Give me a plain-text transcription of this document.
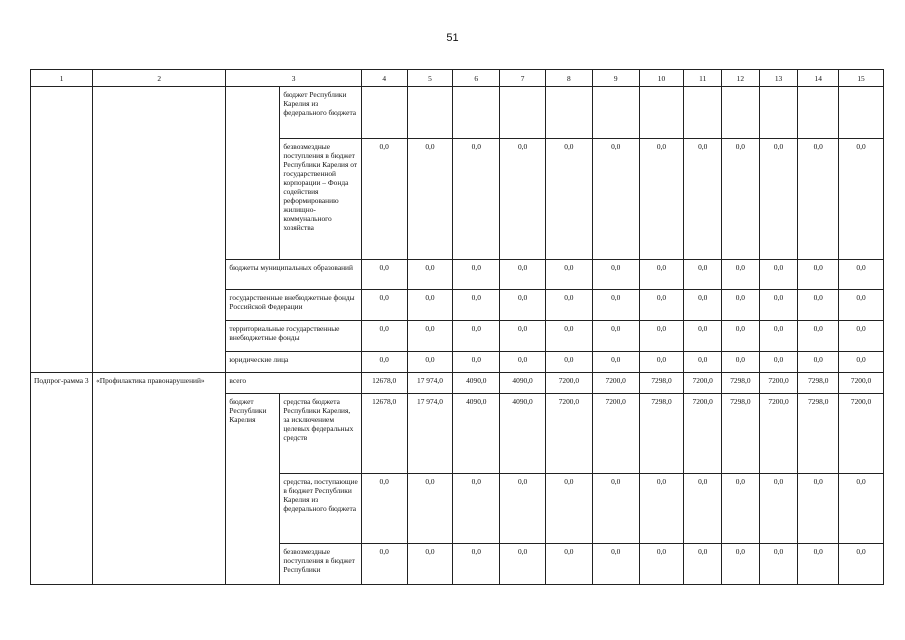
51
1	2	3		4	5	6	7	8	9	10	11	12	13	14	15
			бюджет Республики Карелия из федерального бюджета												
			безвозмездные поступления в бюджет Республики Карелия от государственной корпорации – Фонда содействия реформированию жилищно-коммунального хозяйства	0,0	0,0	0,0	0,0	0,0	0,0	0,0	0,0	0,0	0,0	0,0	0,0
		бюджеты муниципальных образований		0,0	0,0	0,0	0,0	0,0	0,0	0,0	0,0	0,0	0,0	0,0	0,0
		государственные внебюджетные фонды Российской Федерации		0,0	0,0	0,0	0,0	0,0	0,0	0,0	0,0	0,0	0,0	0,0	0,0
		территориальные государственные внебюджетные фонды		0,0	0,0	0,0	0,0	0,0	0,0	0,0	0,0	0,0	0,0	0,0	0,0
		юридические лица		0,0	0,0	0,0	0,0	0,0	0,0	0,0	0,0	0,0	0,0	0,0	0,0
Подпрог-рамма 3	«Профилактика правонарушений»	всего		12678,0	17 974,0	4090,0	4090,0	7200,0	7200,0	7298,0	7200,0	7298,0	7200,0	7298,0	7200,0
		бюджет Республики Карелия	средства бюджета Республики Карелия, за исключением целевых федеральных средств	12678,0	17 974,0	4090,0	4090,0	7200,0	7200,0	7298,0	7200,0	7298,0	7200,0	7298,0	7200,0
			средства, поступающие в бюджет Республики Карелия из федерального бюджета	0,0	0,0	0,0	0,0	0,0	0,0	0,0	0,0	0,0	0,0	0,0	0,0
			безвозмездные поступления в бюджет Республики	0,0	0,0	0,0	0,0	0,0	0,0	0,0	0,0	0,0	0,0	0,0	0,0
